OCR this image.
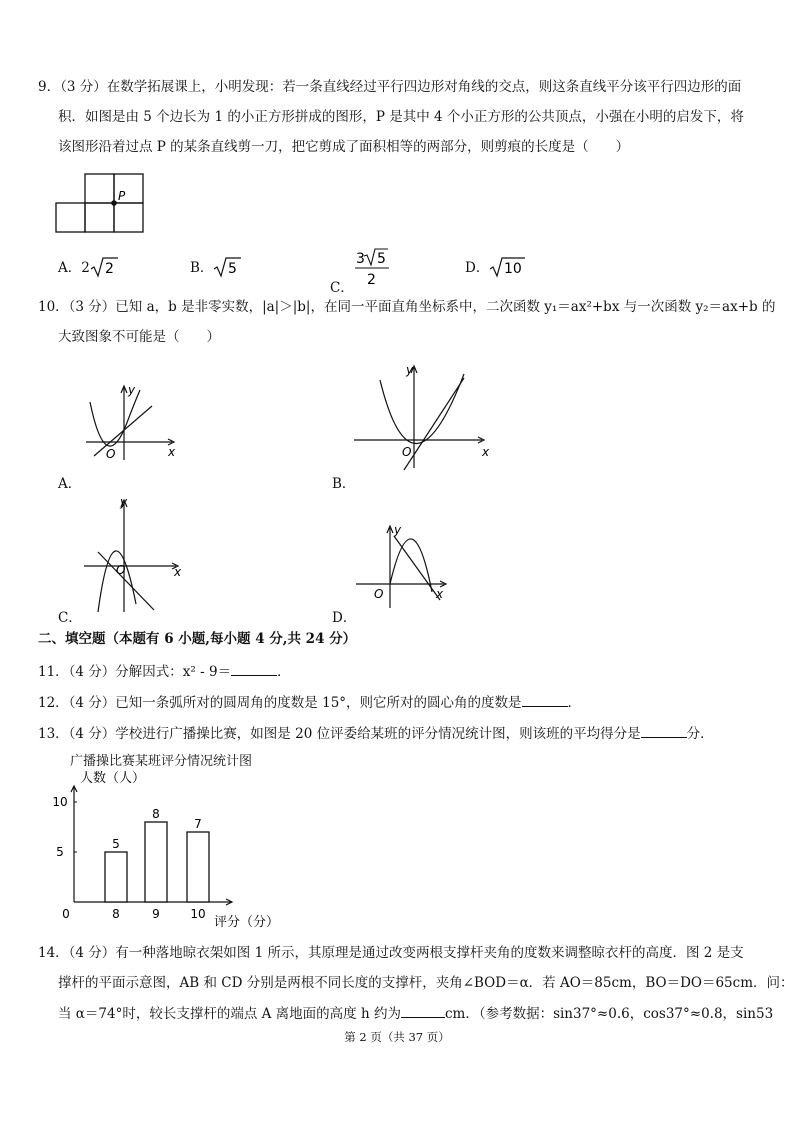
9．（3 分）在数学拓展课上，小明发现：若一条直线经过平行四边形对角线的交点，则这条直线平分该平行四边形的面
积．如图是由 5 个边长为 1 的小正方形拼成的图形，P 是其中 4 个小正方形的公共顶点，小强在小明的启发下，将
该图形沿着过点 P 的某条直线剪一刀，把它剪成了面积相等的两部分，则剪痕的长度是（　　）
P
A．2 2	B． 5
C．
3 5
2
D． 10
10．（3 分）已知 a，b 是非零实数，|a|＞|b|，在同一平面直角坐标系中，二次函数 y₁＝ax²+bx 与一次函数 y₂＝ax+b 的
大致图象不可能是（　　）
y
x
O
A．
y
x
O
B．
y
x
O
C．
y
x
O
D．
二、填空题（本题有 6 小题,每小题 4 分,共 24 分）
11．（4 分）分解因式：x² - 9＝	．
12．（4 分）已知一条弧所对的圆周角的度数是 15°，则它所对的圆心角的度数是	．
13．（4 分）学校进行广播操比赛，如图是 20 位评委给某班的评分情况统计图，则该班的平均得分是	分．
广播操比赛某班评分情况统计图
人数（人）
0
5
10
5
8
8
9
7
10
评分（分）
14．（4 分）有一种落地晾衣架如图 1 所示，其原理是通过改变两根支撑杆夹角的度数来调整晾衣杆的高度．图 2 是支
撑杆的平面示意图，AB 和 CD 分别是两根不同长度的支撑杆，夹角∠BOD＝α．若 AO＝85cm，BO＝DO＝65cm．问：
当 α＝74°时，较长支撑杆的端点 A 离地面的高度 h 约为	cm．（参考数据：sin37°≈0.6，cos37°≈0.8，sin53
第 2 页（共 37 页）
